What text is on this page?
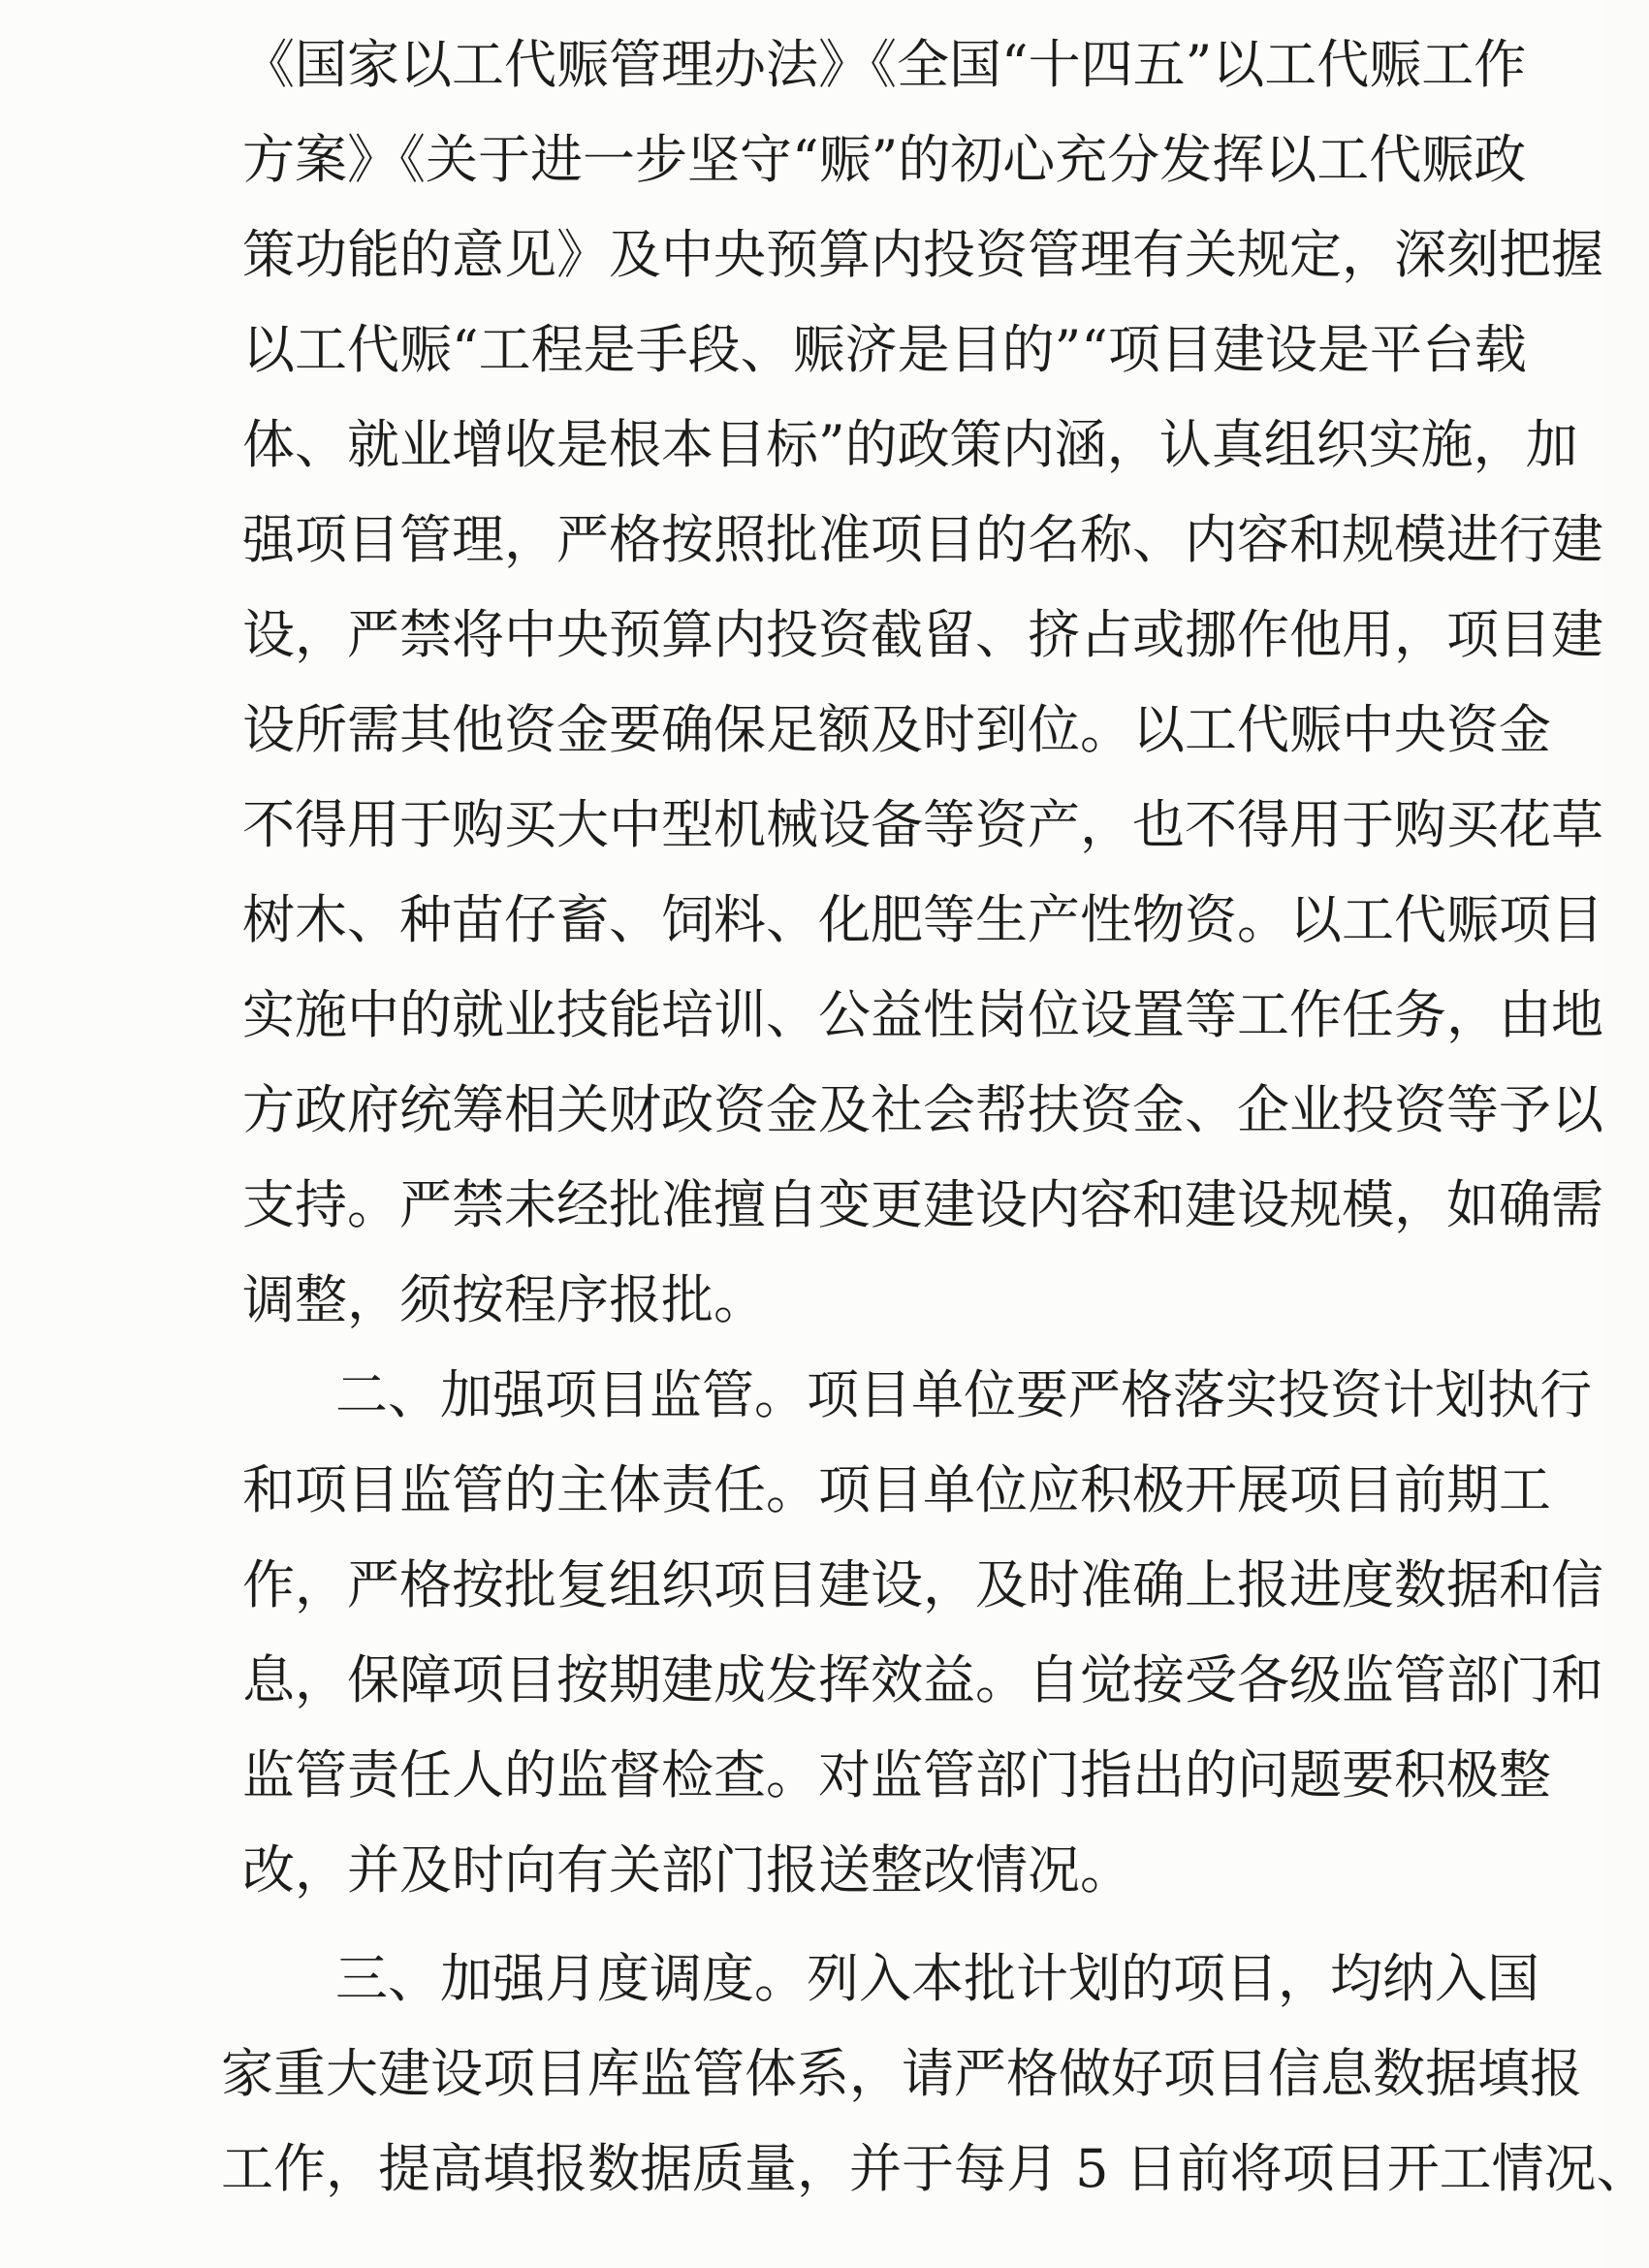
《国家以工代赈管理办法》《全国“十四五”以工代赈工作
方案》《关于进一步坚守“赈”的初心充分发挥以工代赈政
策功能的意见》及中央预算内投资管理有关规定，深刻把握
以工代赈“工程是手段、赈济是目的”“项目建设是平台载
体、就业增收是根本目标”的政策内涵，认真组织实施，加
强项目管理，严格按照批准项目的名称、内容和规模进行建
设，严禁将中央预算内投资截留、挤占或挪作他用，项目建
设所需其他资金要确保足额及时到位。以工代赈中央资金
不得用于购买大中型机械设备等资产，也不得用于购买花草
树木、种苗仔畜、饲料、化肥等生产性物资。以工代赈项目
实施中的就业技能培训、公益性岗位设置等工作任务，由地
方政府统筹相关财政资金及社会帮扶资金、企业投资等予以
支持。严禁未经批准擅自变更建设内容和建设规模，如确需
调整，须按程序报批。
二、加强项目监管。项目单位要严格落实投资计划执行
和项目监管的主体责任。项目单位应积极开展项目前期工
作，严格按批复组织项目建设，及时准确上报进度数据和信
息，保障项目按期建成发挥效益。自觉接受各级监管部门和
监管责任人的监督检查。对监管部门指出的问题要积极整
改，并及时向有关部门报送整改情况。
三、加强月度调度。列入本批计划的项目，均纳入国
家重大建设项目库监管体系，请严格做好项目信息数据填报
工作，提高填报数据质量，并于每月 5 日前将项目开工情况、
